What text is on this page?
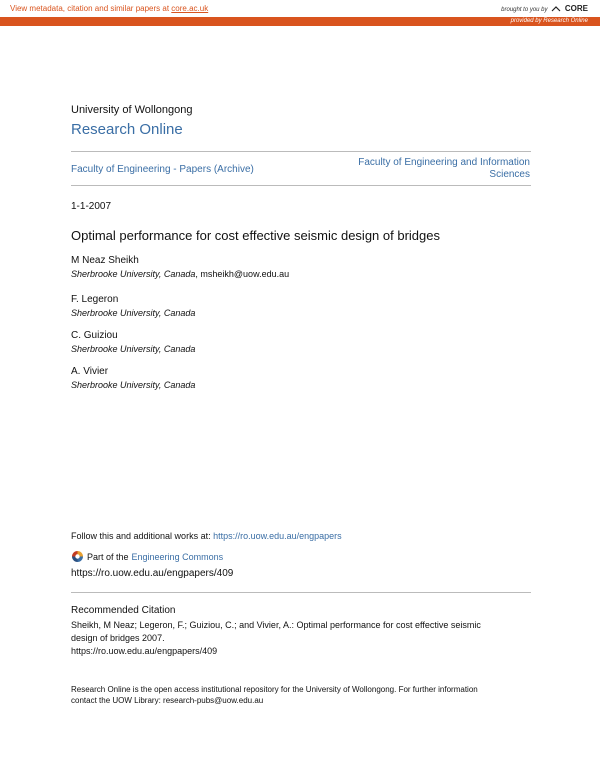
View metadata, citation and similar papers at core.ac.uk	brought to you by CORE
provided by Research Online
University of Wollongong
Research Online
Faculty of Engineering - Papers (Archive)
Faculty of Engineering and Information
Sciences
1-1-2007
Optimal performance for cost effective seismic design of bridges
M Neaz Sheikh
Sherbrooke University, Canada, msheikh@uow.edu.au
F. Legeron
Sherbrooke University, Canada
C. Guiziou
Sherbrooke University, Canada
A. Vivier
Sherbrooke University, Canada
Follow this and additional works at: https://ro.uow.edu.au/engpapers
Part of the Engineering Commons
https://ro.uow.edu.au/engpapers/409
Recommended Citation
Sheikh, M Neaz; Legeron, F.; Guiziou, C.; and Vivier, A.: Optimal performance for cost effective seismic
design of bridges 2007.
https://ro.uow.edu.au/engpapers/409
Research Online is the open access institutional repository for the University of Wollongong. For further information
contact the UOW Library: research-pubs@uow.edu.au
